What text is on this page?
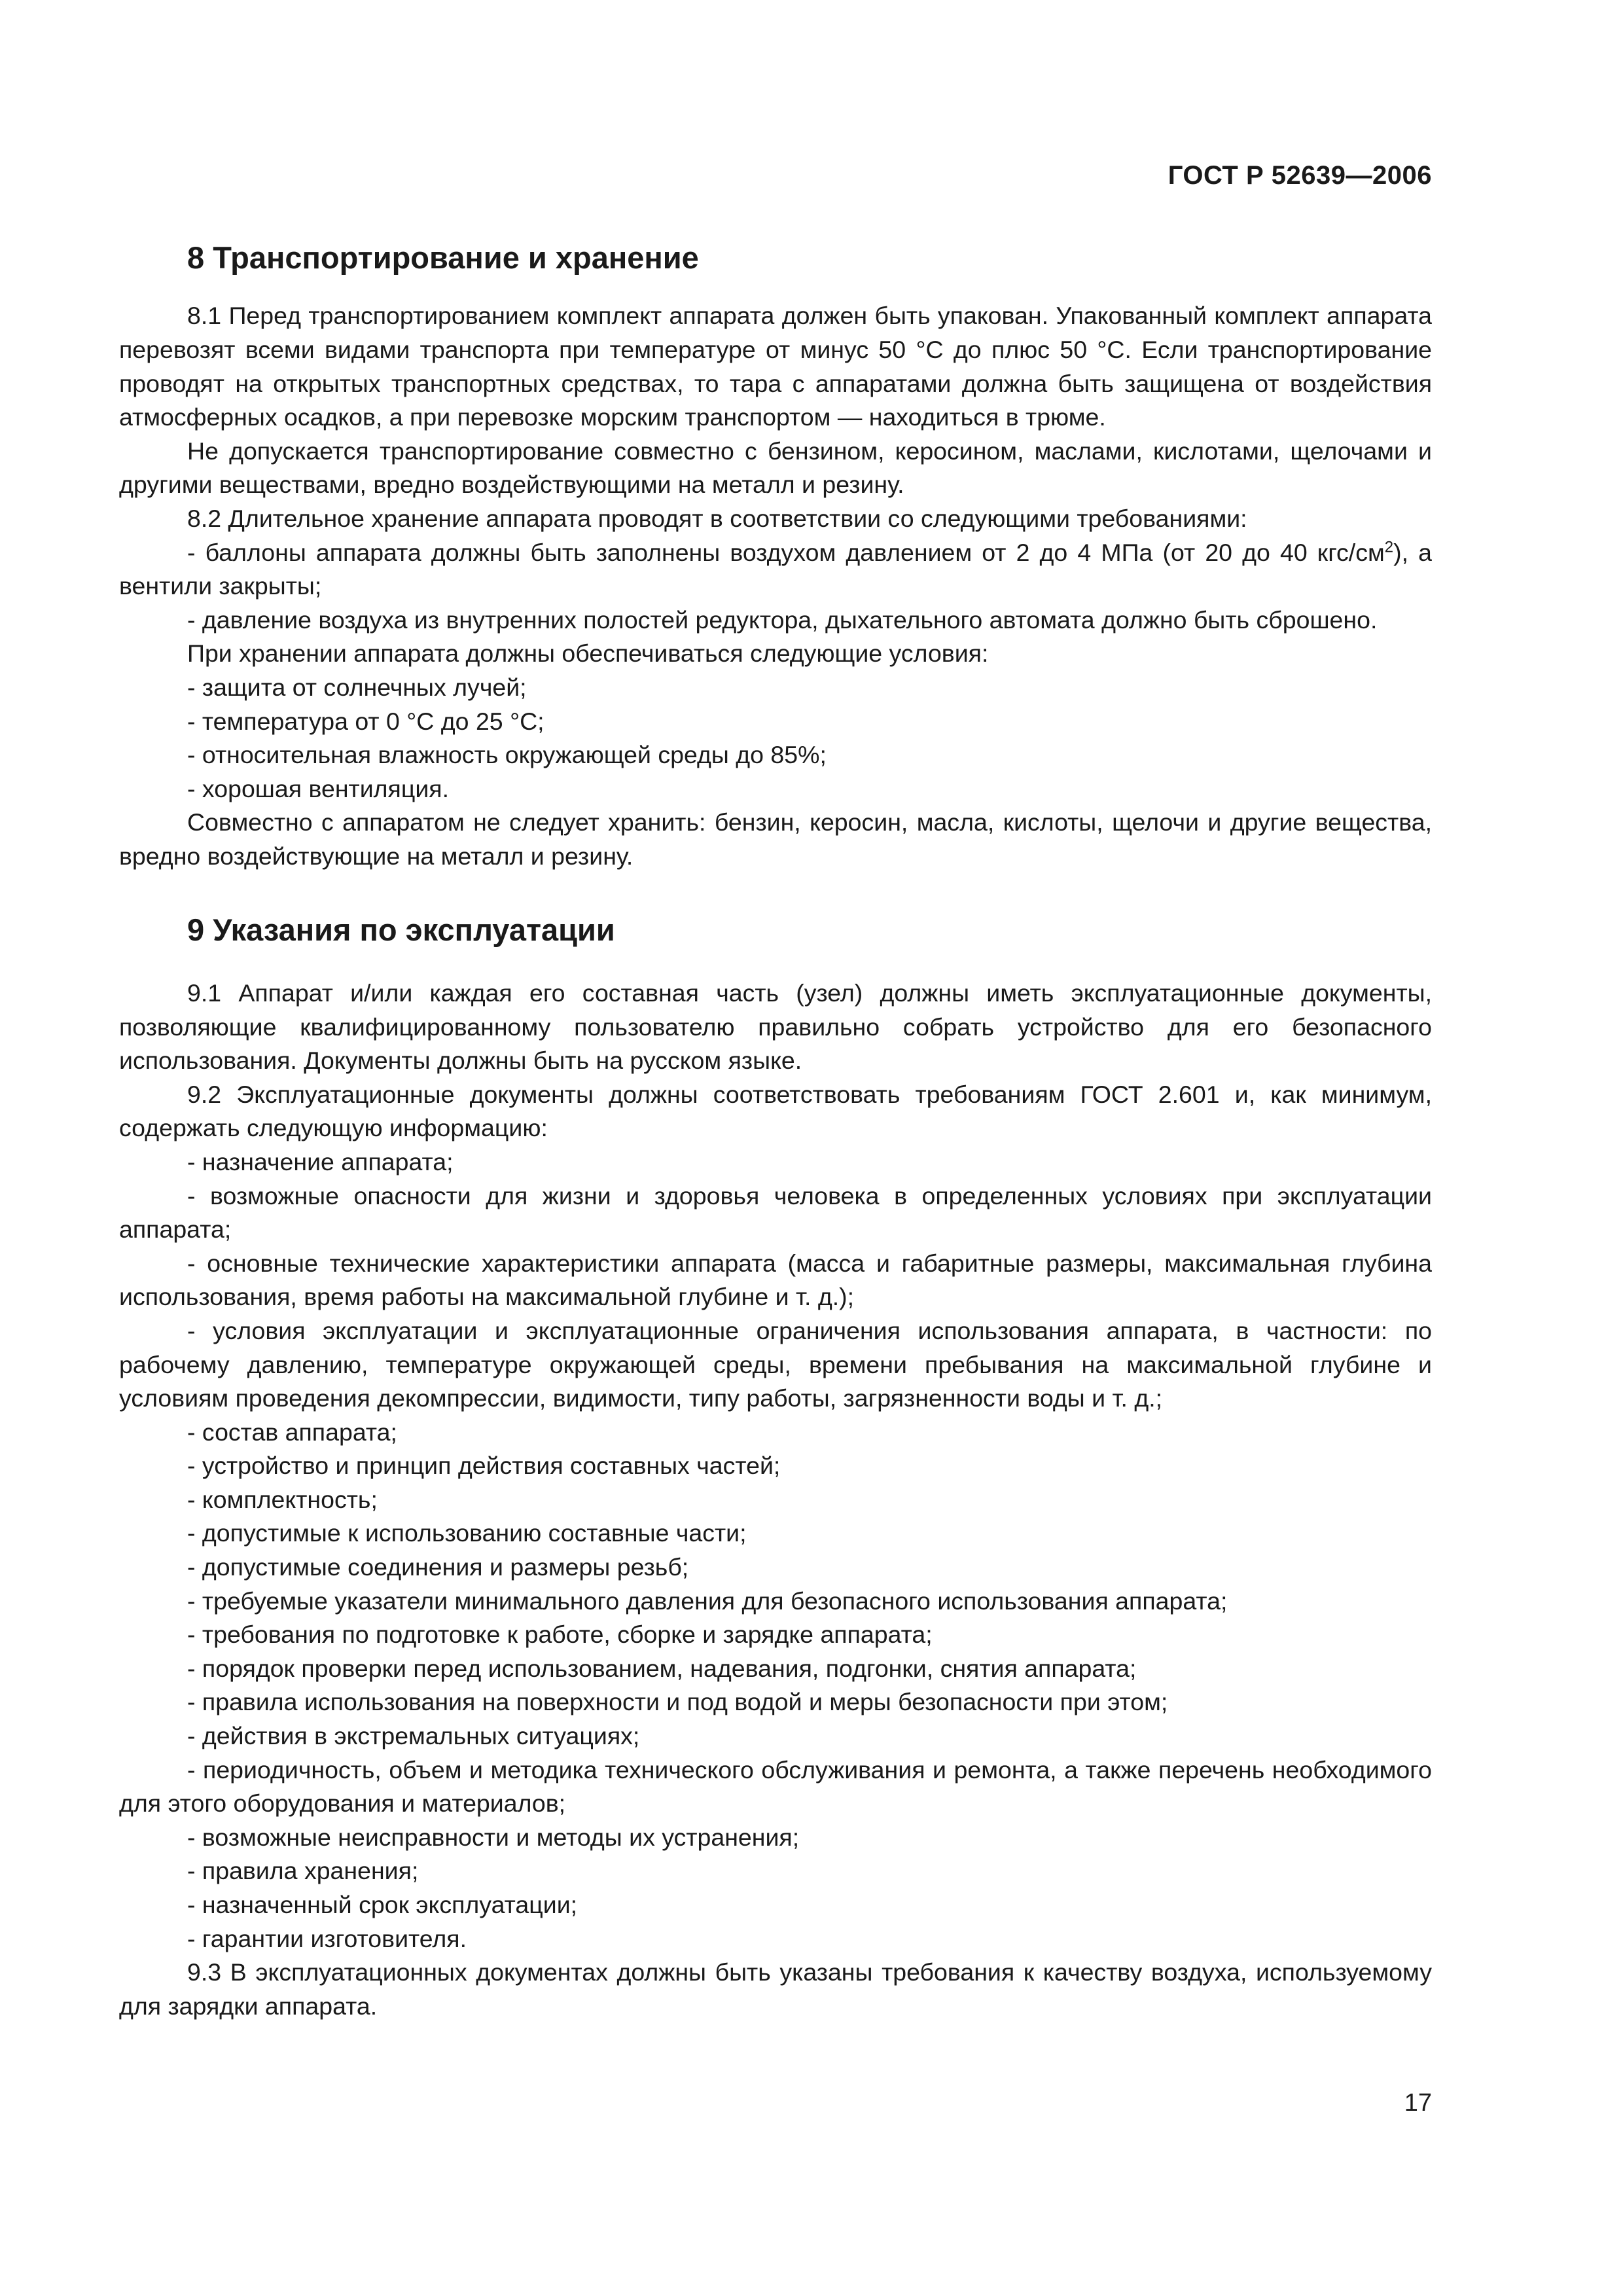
ГОСТ Р 52639—2006
8 Транспортирование и хранение

8.1 Перед транспортированием комплект аппарата должен быть упакован. Упакованный комплект аппарата перевозят всеми видами транспорта при температуре от минус 50 °С до плюс 50 °С. Если транспортирование проводят на открытых транспортных средствах, то тара с аппаратами должна быть защищена от воздействия атмосферных осадков, а при перевозке морским транспортом — находиться в трюме.

Не допускается транспортирование совместно с бензином, керосином, маслами, кислотами, щелочами и другими веществами, вредно воздействующими на металл и резину.

8.2 Длительное хранение аппарата проводят в соответствии со следующими требованиями:

- баллоны аппарата должны быть заполнены воздухом давлением от 2 до 4 МПа (от 20 до 40 кгс/$см^2$), а вентили закрыты;

- давление воздуха из внутренних полостей редуктора, дыхательного автомата должно быть сброшено.

При хранении аппарата должны обеспечиваться следующие условия:

- защита от солнечных лучей;

- температура от 0 °С до 25 °С;

- относительная влажность окружающей среды до 85%;

- хорошая вентиляция.

Совместно с аппаратом не следует хранить: бензин, керосин, масла, кислоты, щелочи и другие вещества, вредно воздействующие на металл и резину.

9 Указания по эксплуатации

9.1 Аппарат и/или каждая его составная часть (узел) должны иметь эксплуатационные документы, позволяющие квалифицированному пользователю правильно собрать устройство для его безопасного использования. Документы должны быть на русском языке.

9.2 Эксплуатационные документы должны соответствовать требованиям ГОСТ 2.601 и, как минимум, содержать следующую информацию:

- назначение аппарата;

- возможные опасности для жизни и здоровья человека в определенных условиях при эксплуатации аппарата;

- основные технические характеристики аппарата (масса и габаритные размеры, максимальная глубина использования, время работы на максимальной глубине и т. д.);

- условия эксплуатации и эксплуатационные ограничения использования аппарата, в частности: по рабочему давлению, температуре окружающей среды, времени пребывания на максимальной глубине и условиям проведения декомпрессии, видимости, типу работы, загрязненности воды и т. д.;

- состав аппарата;

- устройство и принцип действия составных частей;

- комплектность;

- допустимые к использованию составные части;

- допустимые соединения и размеры резьб;

- требуемые указатели минимального давления для безопасного использования аппарата;

- требования по подготовке к работе, сборке и зарядке аппарата;

- порядок проверки перед использованием, надевания, подгонки, снятия аппарата;

- правила использования на поверхности и под водой и меры безопасности при этом;

- действия в экстремальных ситуациях;

- периодичность, объем и методика технического обслуживания и ремонта, а также перечень необходимого для этого оборудования и материалов;

- возможные неисправности и методы их устранения;

- правила хранения;

- назначенный срок эксплуатации;

- гарантии изготовителя.

9.3 В эксплуатационных документах должны быть указаны требования к качеству воздуха, используемому для зарядки аппарата.

17
